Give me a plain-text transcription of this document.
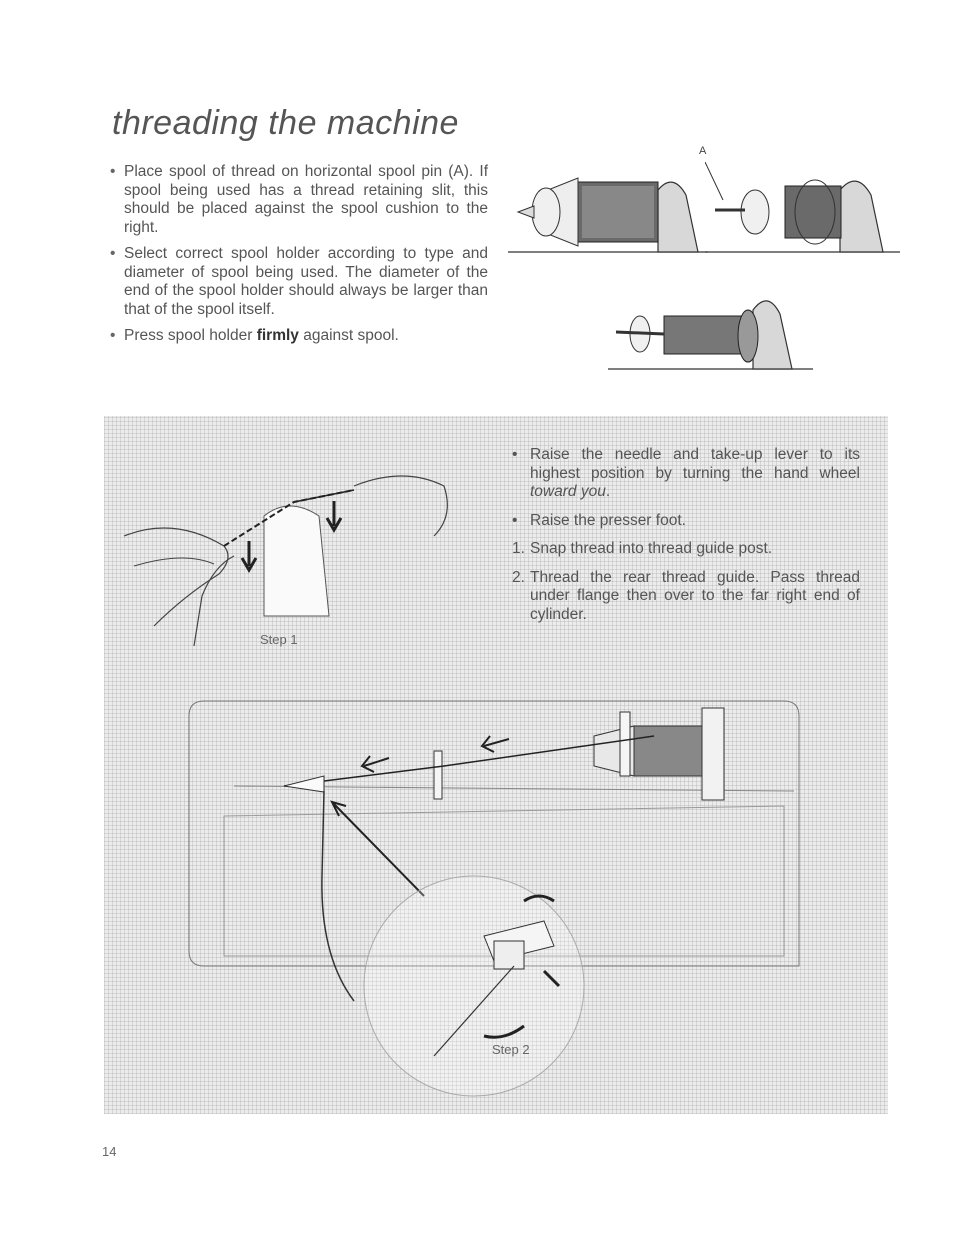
threading the machine
• Place spool of thread on horizontal spool pin (A). If spool being used has a thread retaining slit, this should be placed against the spool cushion to the right.
• Select correct spool holder according to type and diameter of spool being used. The diameter of the end of the spool holder should always be larger than that of the spool itself.
• Press spool holder firmly against spool.
A
• Raise the needle and take-up lever to its highest position by turning the hand wheel toward you.
• Raise the presser foot.
1. Snap thread into thread guide post.
2. Thread the rear thread guide. Pass thread under flange then over to the far right end of cylinder.
Step 1
Step 2
14
